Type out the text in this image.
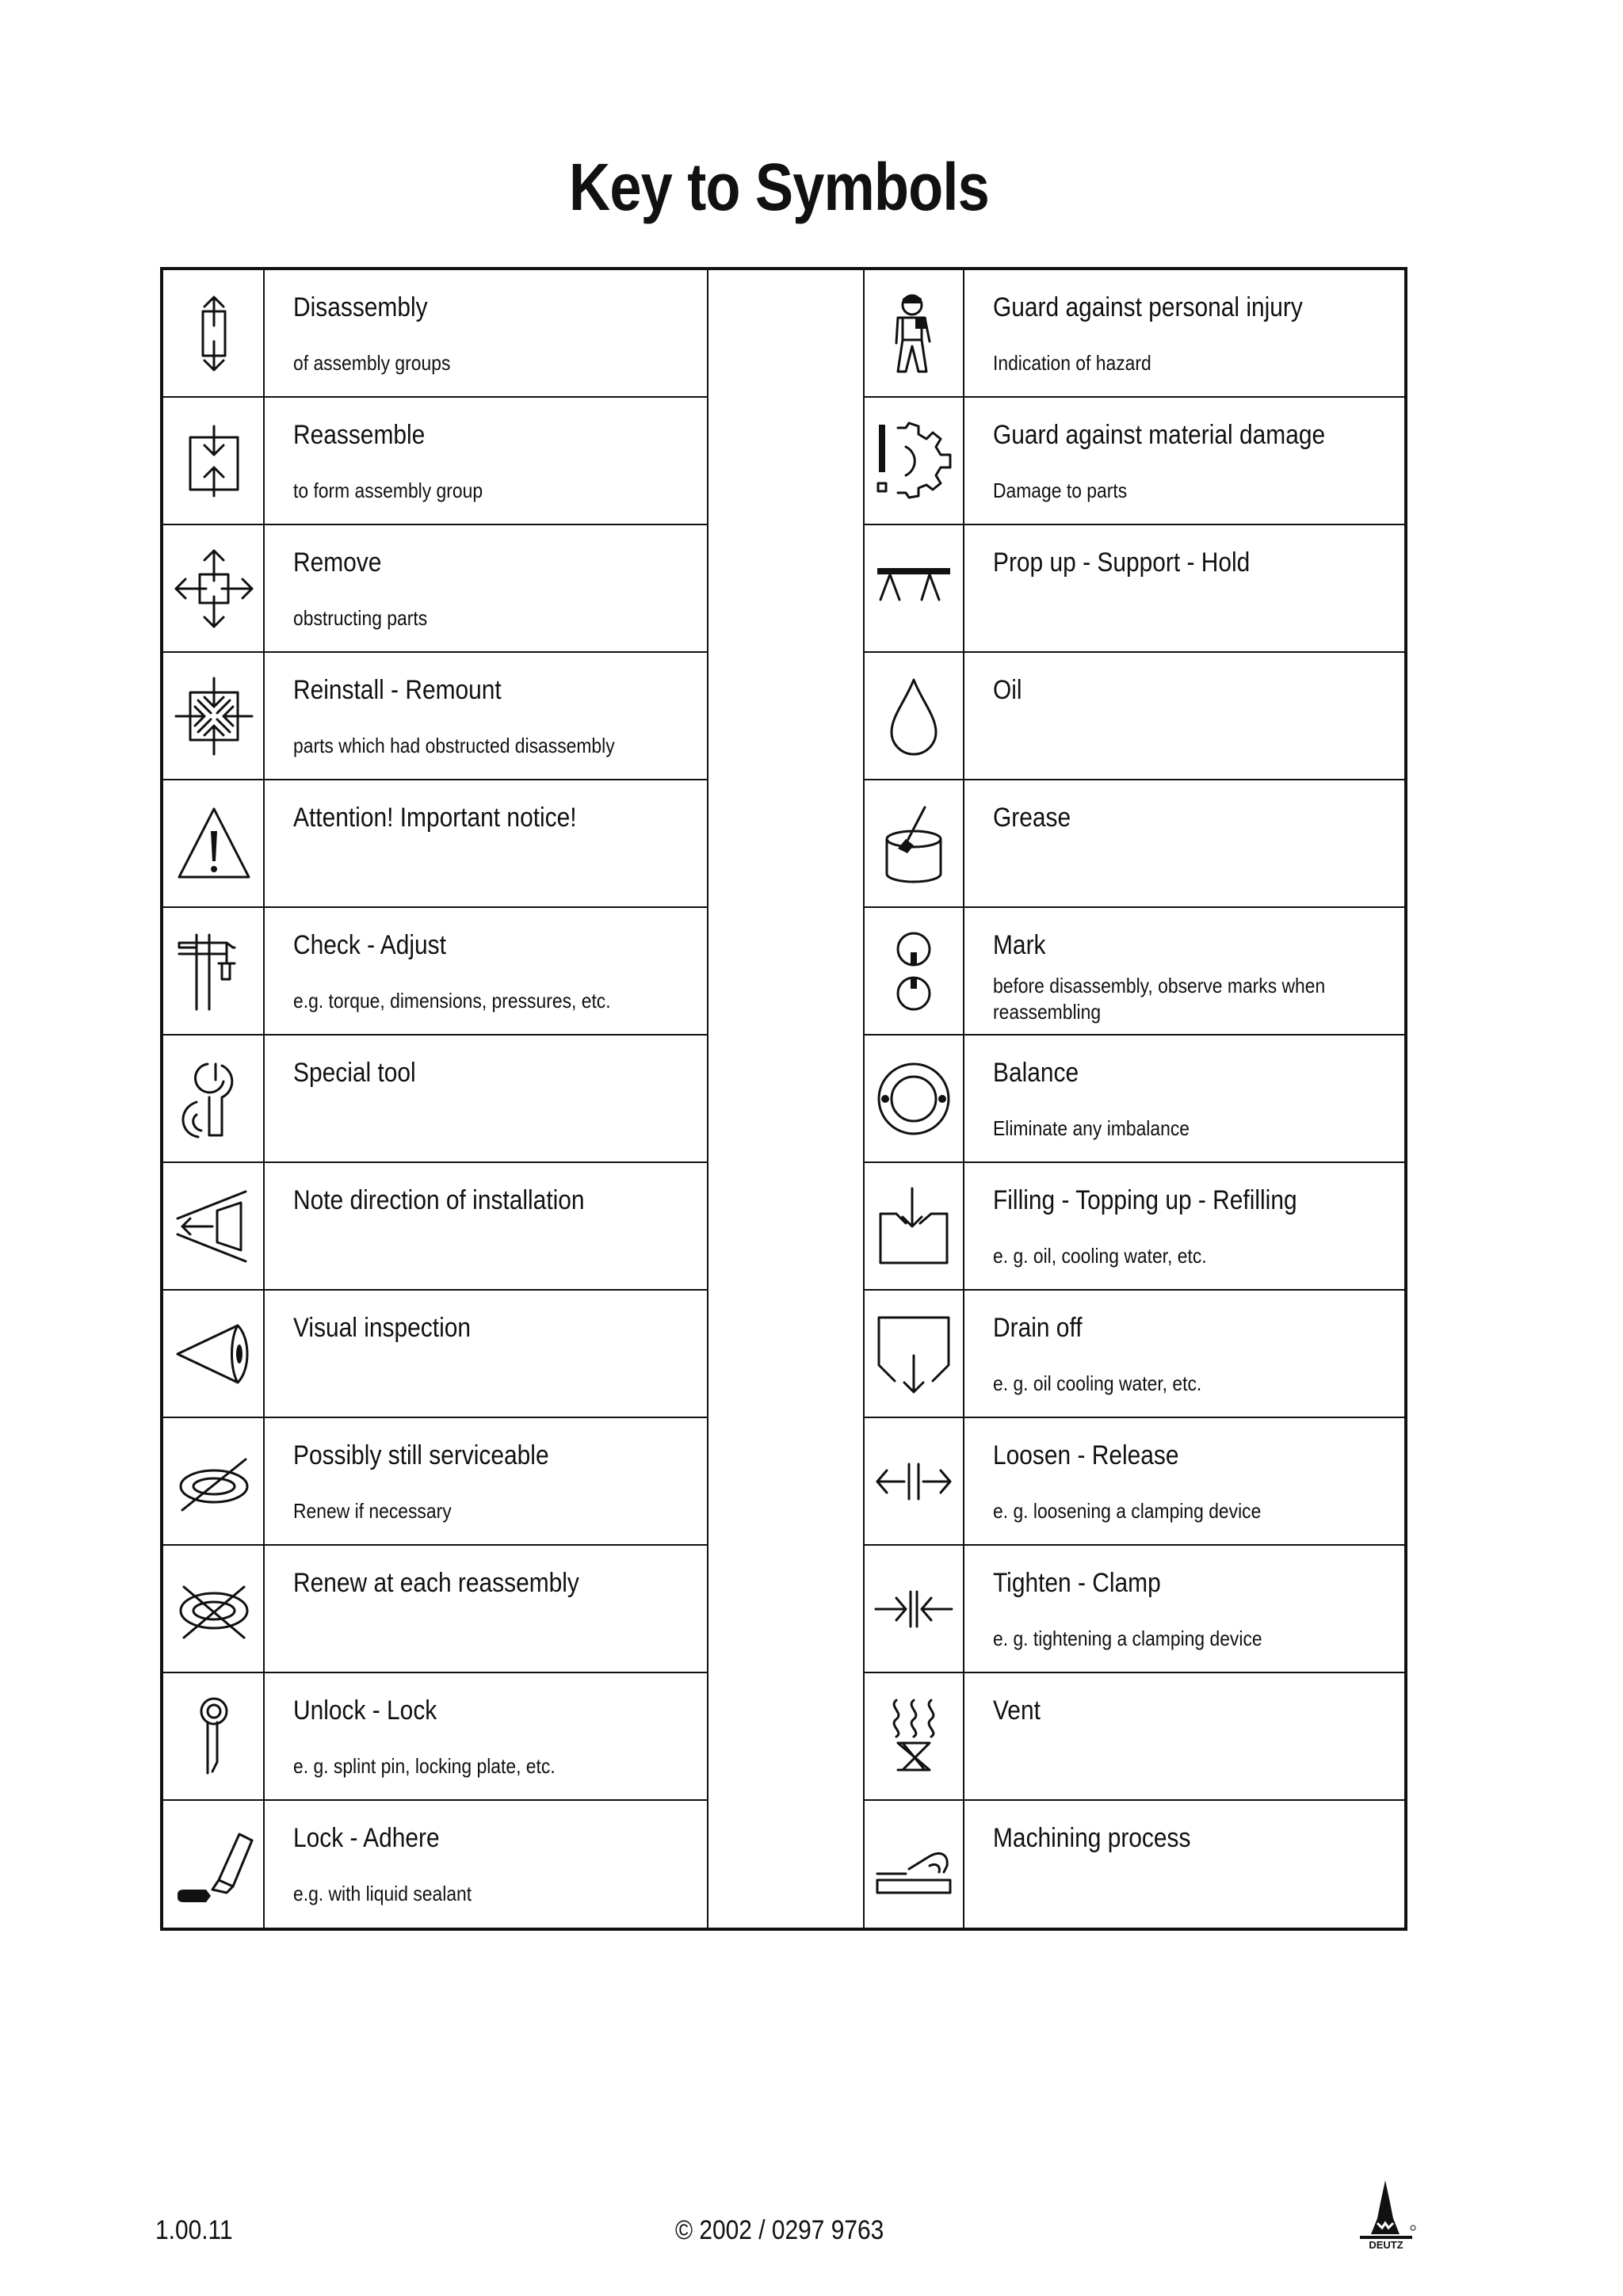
Key to Symbols
Disassembly
of assembly groups
Reassemble
to form assembly group
Remove
obstructing parts
Reinstall - Remount
parts which had obstructed disassembly
Attention! Important notice!
Check - Adjust
e.g. torque, dimensions, pressures, etc.
Special tool
Note direction of installation
Visual inspection
Possibly still serviceable
Renew if necessary
Renew at each reassembly
Unlock - Lock
e. g. splint pin, locking plate, etc.
Lock - Adhere
e.g. with liquid sealant
Guard against personal injury
Indication of hazard
Guard against material damage
Damage to parts
Prop up - Support - Hold
Oil
Grease
Mark
before disassembly, observe marks when reassembling
Balance
Eliminate any imbalance
Filling - Topping up - Refilling
e. g. oil, cooling water, etc.
Drain off
e. g. oil cooling water, etc.
Loosen - Release
e. g. loosening a clamping device
Tighten - Clamp
e. g. tightening a clamping device
Vent
Machining process
1.00.11	© 2002 / 0297 9763	DEUTZ
